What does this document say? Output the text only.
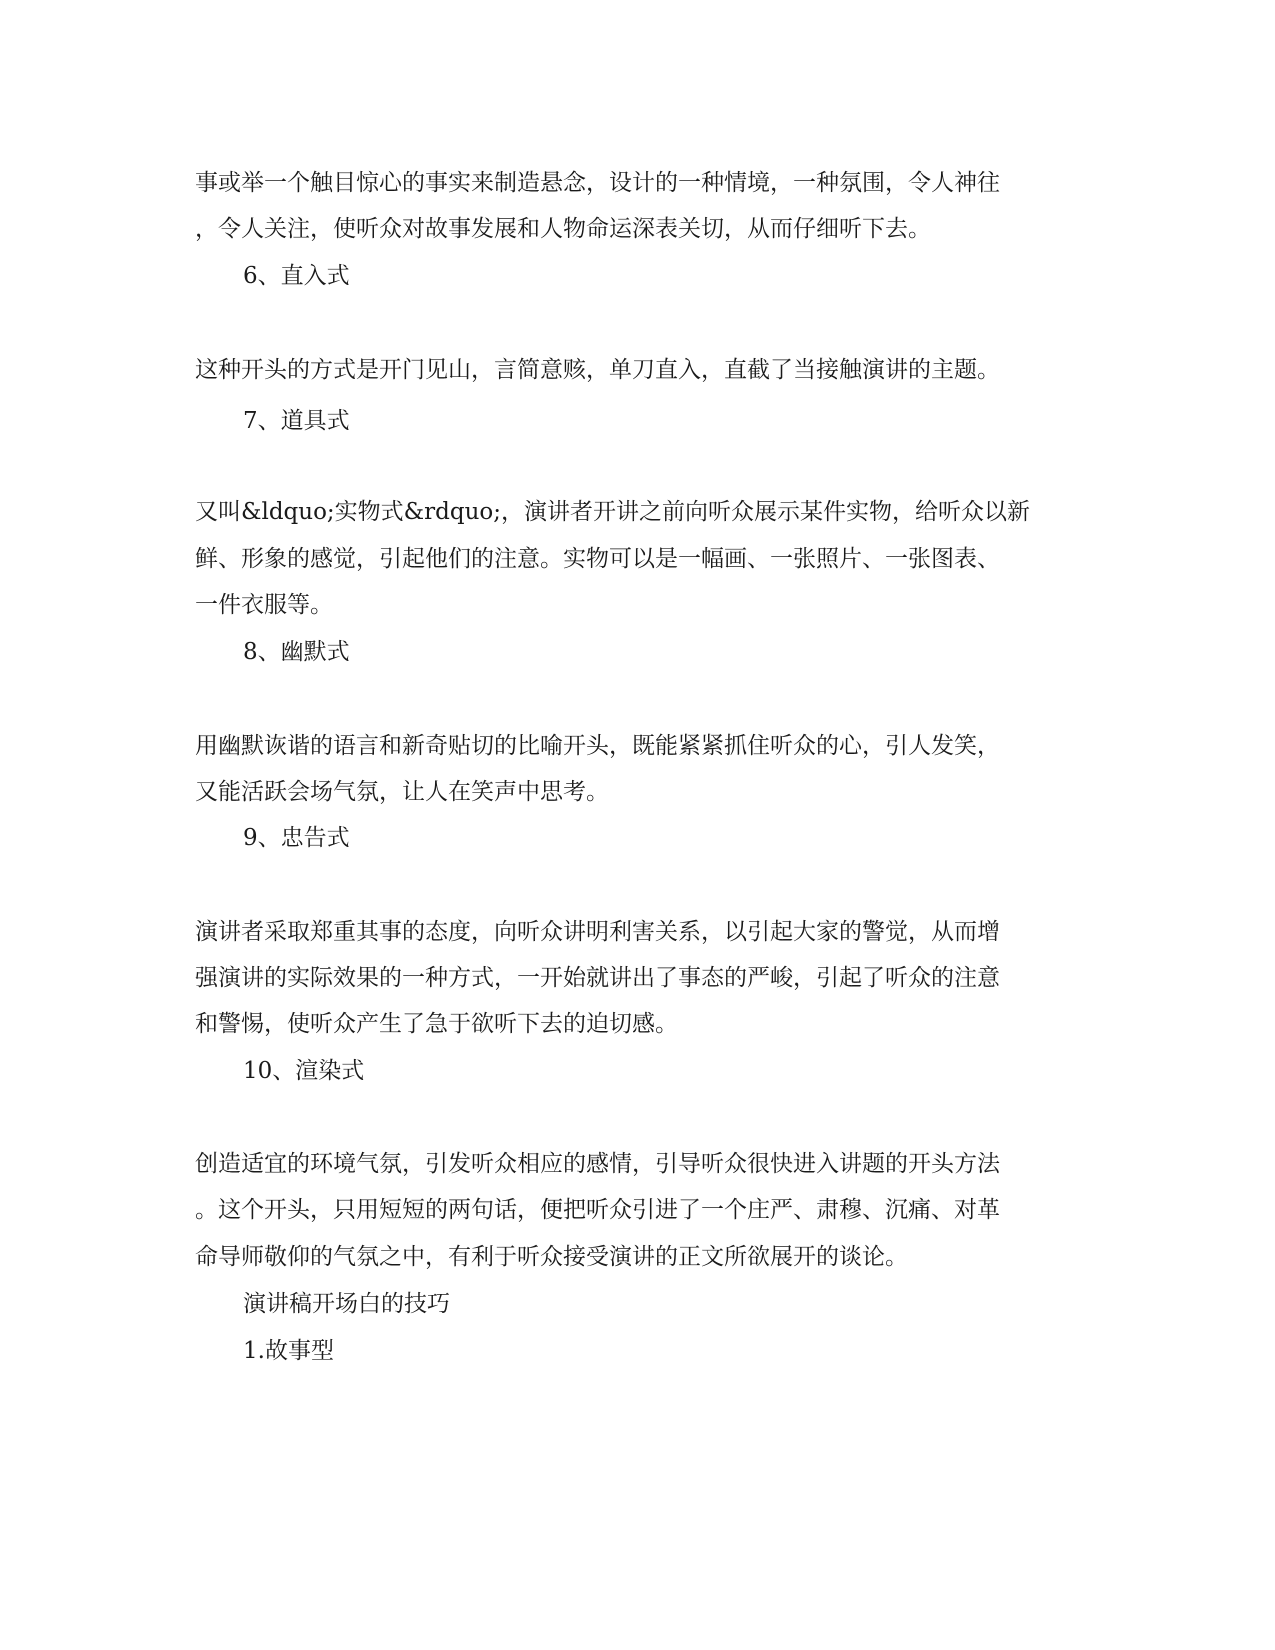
事或举一个触目惊心的事实来制造悬念，设计的一种情境，一种氛围，令人神往
，令人关注，使听众对故事发展和人物命运深表关切，从而仔细听下去。
6、直入式
这种开头的方式是开门见山，言简意赅，单刀直入，直截了当接触演讲的主题。
7、道具式
又叫&ldquo;实物式&rdquo;，演讲者开讲之前向听众展示某件实物，给听众以新
鲜、形象的感觉，引起他们的注意。实物可以是一幅画、一张照片、一张图表、
一件衣服等。
8、幽默式
用幽默诙谐的语言和新奇贴切的比喻开头，既能紧紧抓住听众的心，引人发笑，
又能活跃会场气氛，让人在笑声中思考。
9、忠告式
演讲者采取郑重其事的态度，向听众讲明利害关系，以引起大家的警觉，从而增
强演讲的实际效果的一种方式，一开始就讲出了事态的严峻，引起了听众的注意
和警惕，使听众产生了急于欲听下去的迫切感。
10、渲染式
创造适宜的环境气氛，引发听众相应的感情，引导听众很快进入讲题的开头方法
。这个开头，只用短短的两句话，便把听众引进了一个庄严、肃穆、沉痛、对革
命导师敬仰的气氛之中，有利于听众接受演讲的正文所欲展开的谈论。
演讲稿开场白的技巧
1.故事型
